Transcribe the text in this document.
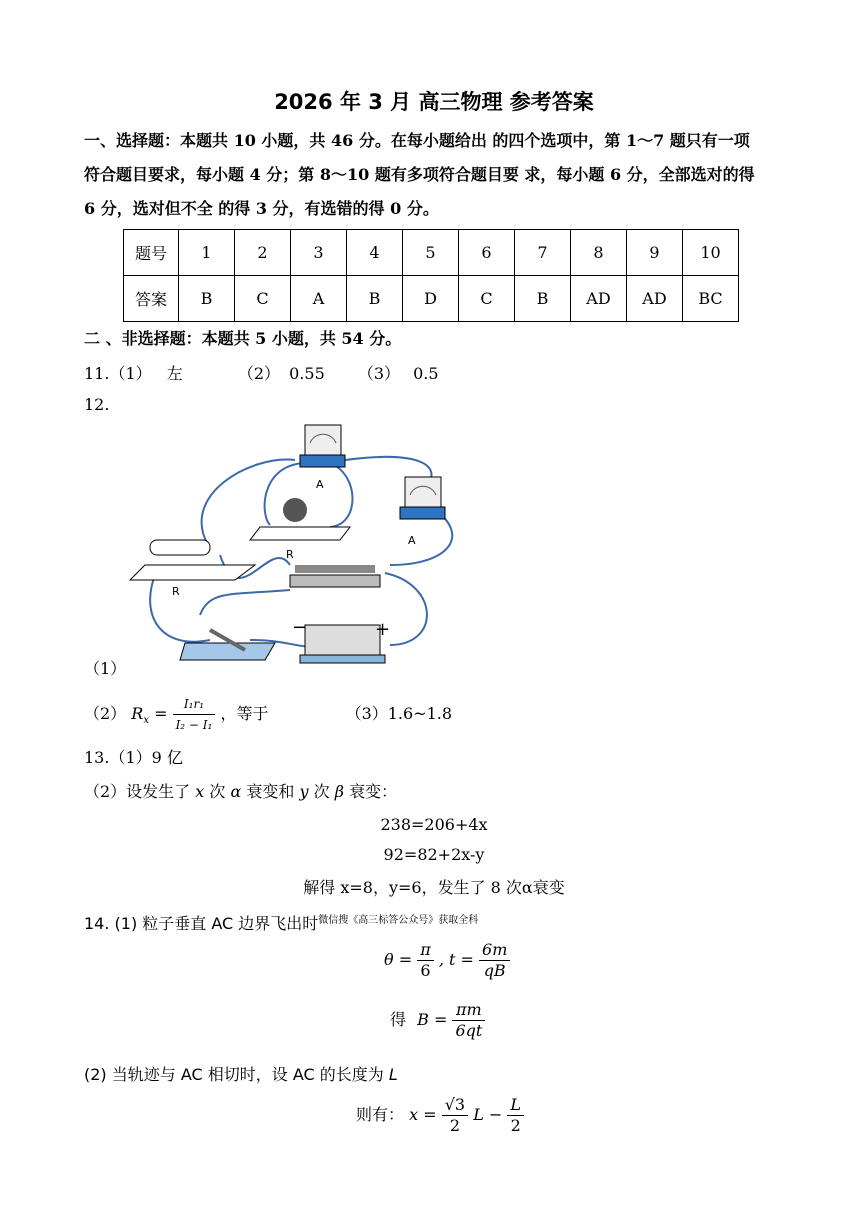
2026 年 3 月 高三物理 参考答案
一、选择题：本题共 10 小题，共 46 分。在每小题给出 的四个选项中，第 1～7 题只有一项
符合题目要求，每小题 4 分；第 8～10 题有多项符合题目要 求，每小题 6 分，全部选对的得
6 分，选对但不全 的得 3 分，有选错的得 0 分。
题号	1	2	3	4	5	6	7	8	9	10
答案	B	C	A	B	D	C	B	AD	AD	BC
二 、非选择题：本题共 5 小题，共 54 分。
11.（1） 左	（2） 0.55 （3） 0.5
12.
A
A
R
R
−	+
（1）
（2） $R_x = \frac{\text{I₁r₁}}{\text{I₂ − I₁}}$ ，等于	（3）1.6~1.8
13.（1）9 亿
（2）设发生了 x 次 α 衰变和 y 次 β 衰变：
238=206+4x
92=82+2x-y
解得 x=8，y=6，发生了 8 次α衰变
14. (1) 粒子垂直 AC 边界飞出时$^{微信搜《高三标答公众号》获取全科}$
$\theta = \frac{\pi}{6}$ , $t = \frac{6m}{qB}$
得 $B = \frac{\pi m}{6qt}$
(2) 当轨迹与 AC 相切时，设 AC 的长度为 L
则有： $x = \frac{√3}{2}$ $L - \frac{L}{2}$
